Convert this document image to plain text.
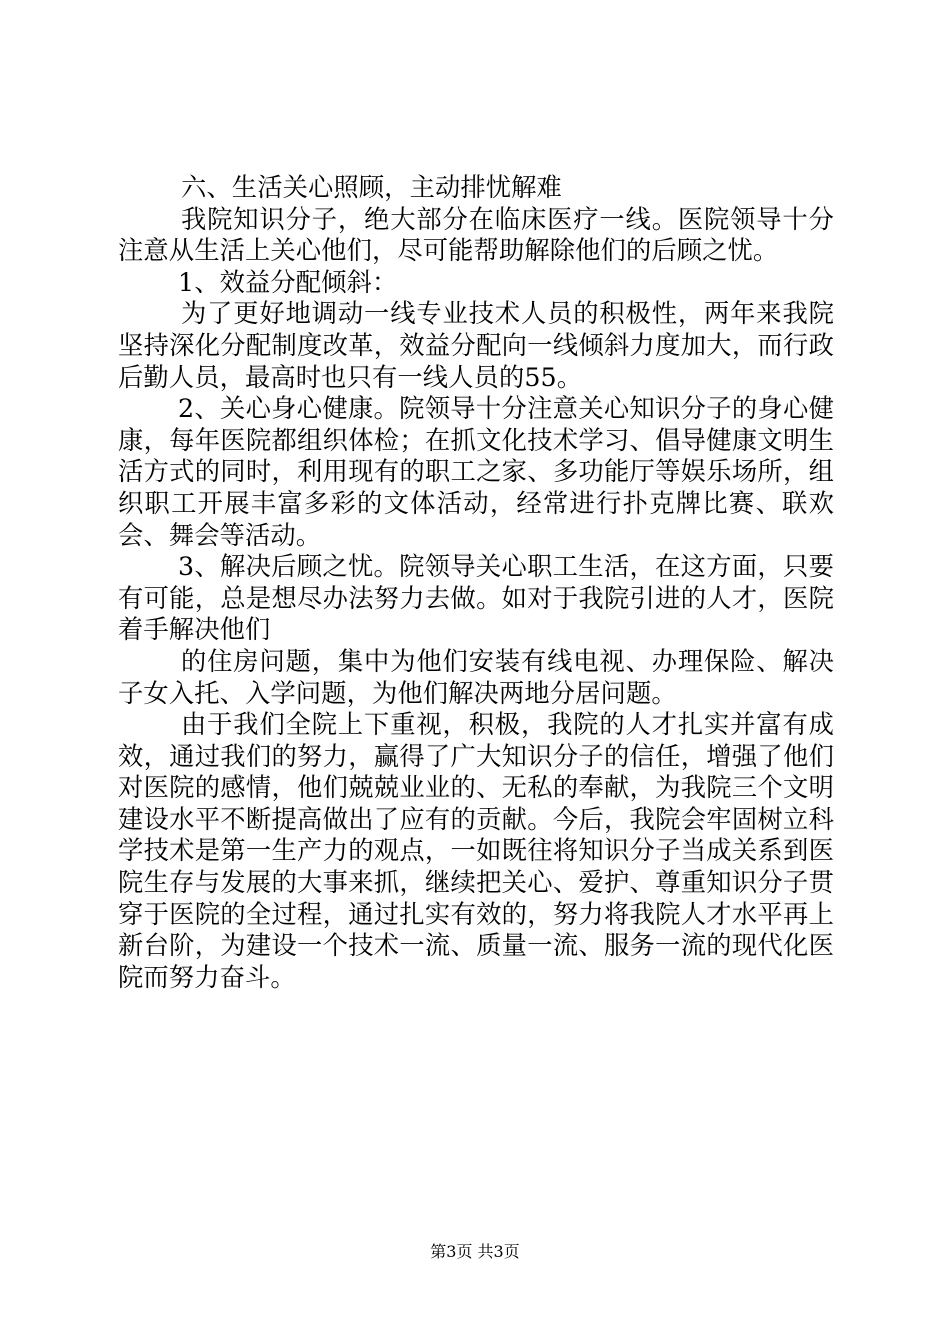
六、生活关心照顾，主动排忧解难

我院知识分子，绝大部分在临床医疗一线。医院领导十分注意从生活上关心他们，尽可能帮助解除他们的后顾之忧。

1、效益分配倾斜：

为了更好地调动一线专业技术人员的积极性，两年来我院坚持深化分配制度改革，效益分配向一线倾斜力度加大，而行政后勤人员，最高时也只有一线人员的55。

2、关心身心健康。院领导十分注意关心知识分子的身心健康，每年医院都组织体检；在抓文化技术学习、倡导健康文明生活方式的同时，利用现有的职工之家、多功能厅等娱乐场所，组织职工开展丰富多彩的文体活动，经常进行扑克牌比赛、联欢会、舞会等活动。

3、解决后顾之忧。院领导关心职工生活，在这方面，只要有可能，总是想尽办法努力去做。如对于我院引进的人才，医院着手解决他们

的住房问题，集中为他们安装有线电视、办理保险、解决子女入托、入学问题，为他们解决两地分居问题。

由于我们全院上下重视，积极，我院的人才扎实并富有成效，通过我们的努力，赢得了广大知识分子的信任，增强了他们对医院的感情，他们兢兢业业的、无私的奉献，为我院三个文明建设水平不断提高做出了应有的贡献。今后，我院会牢固树立科学技术是第一生产力的观点，一如既往将知识分子当成关系到医院生存与发展的大事来抓，继续把关心、爱护、尊重知识分子贯穿于医院的全过程，通过扎实有效的，努力将我院人才水平再上新台阶，为建设一个技术一流、质量一流、服务一流的现代化医院而努力奋斗。

第3页 共3页
